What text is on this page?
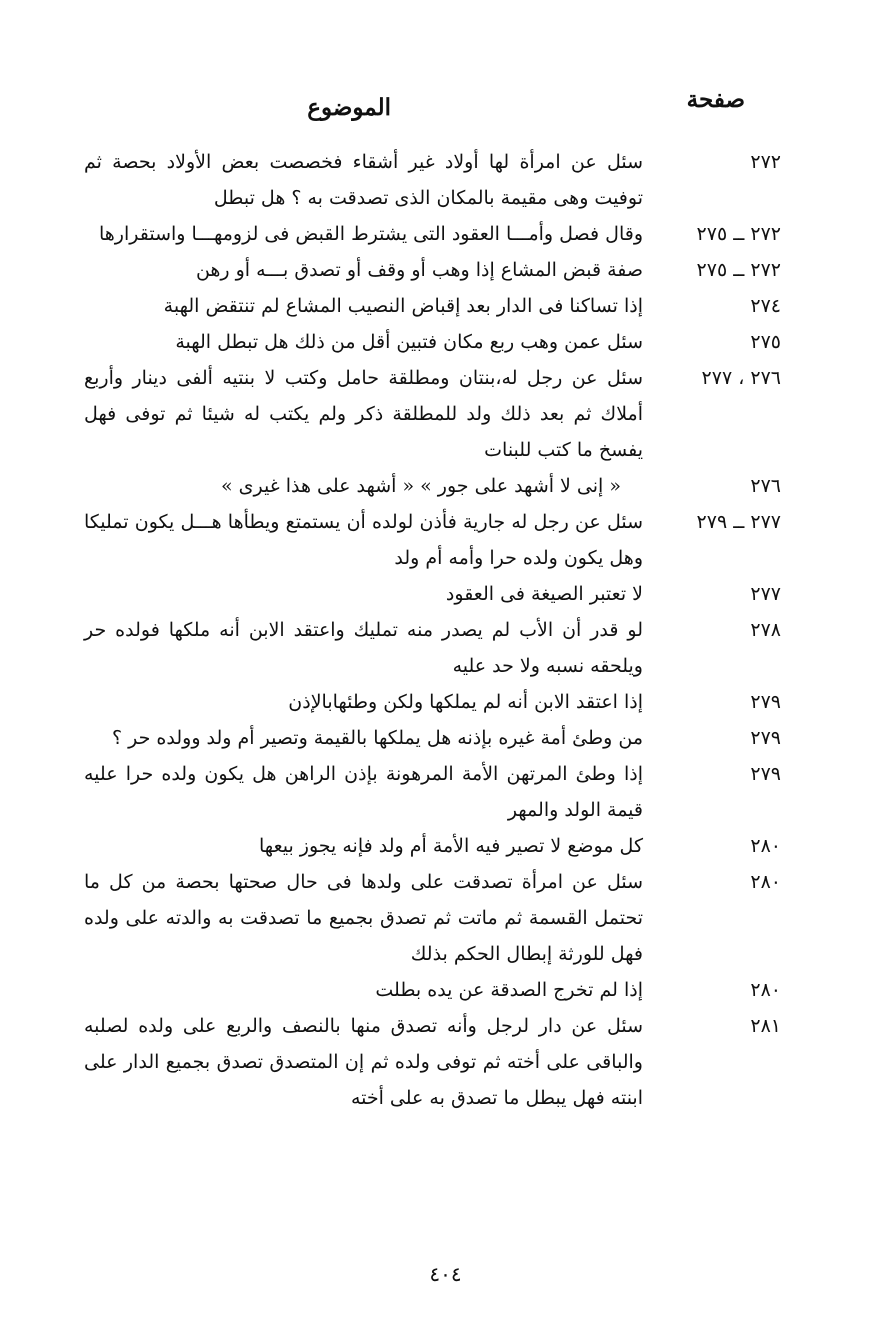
صفحة
الموضوع
٢٧٢
سئل عن امرأة لها أولاد غير أشقاء فخصصت بعض الأولاد بحصة ثم توفيت وهى مقيمة بالمكان الذى تصدقت به ؟ هل تبطل
٢٧٢ ــ ٢٧٥
وقال فصل وأمـــا العقود التى يشترط القبض فى لزومهـــا واستقرارها
٢٧٢ ــ ٢٧٥
صفة قبض المشاع إذا وهب أو وقف أو تصدق بـــه أو رهن
٢٧٤
إذا تساكنا فى الدار بعد إقباض النصيب المشاع لم تنتقض الهبة
٢٧٥
سئل عمن وهب ربع مكان فتبين أقل من ذلك هل تبطل الهبة
٢٧٦ ، ٢٧٧
سئل عن رجل له،بنتان ومطلقة حامل وكتب لا بنتيه ألفى دينار وأربع أملاك ثم بعد ذلك ولد للمطلقة ذكر ولم يكتب له شيئا ثم توفى فهل يفسخ ما كتب للبنات
٢٧٦
« إنى لا أشهد على جور » « أشهد على هذا غيرى »
٢٧٧ ــ ٢٧٩
سئل عن رجل له جارية فأذن لولده أن يستمتع ويطأها هـــل يكون تمليكا وهل يكون ولده حرا وأمه أم ولد
٢٧٧
لا تعتبر الصيغة فى العقود
٢٧٨
لو قدر أن الأب لم يصدر منه تمليك واعتقد الابن أنه ملكها فولده حر ويلحقه نسبه ولا حد عليه
٢٧٩
إذا اعتقد الابن أنه لم يملكها ولكن وطئهابالإذن
٢٧٩
من وطئ أمة غيره بإذنه هل يملكها بالقيمة وتصير أم ولد وولده حر ؟
٢٧٩
إذا وطئ المرتهن الأمة المرهونة بإذن الراهن هل يكون ولده حرا عليه قيمة الولد والمهر
٢٨٠
كل موضع لا تصير فيه الأمة أم ولد فإنه يجوز بيعها
٢٨٠
سئل عن امرأة تصدقت على ولدها فى حال صحتها بحصة من كل ما تحتمل القسمة ثم ماتت ثم تصدق بجميع ما تصدقت به والدته على ولده فهل للورثة إبطال الحكم بذلك
٢٨٠
إذا لم تخرج الصدقة عن يده بطلت
٢٨١
سئل عن دار لرجل وأنه تصدق منها بالنصف والربع على ولده لصلبه والباقى على أخته ثم توفى ولده ثم إن المتصدق تصدق بجميع الدار على ابنته فهل يبطل ما تصدق به على أخته
٤٠٤
